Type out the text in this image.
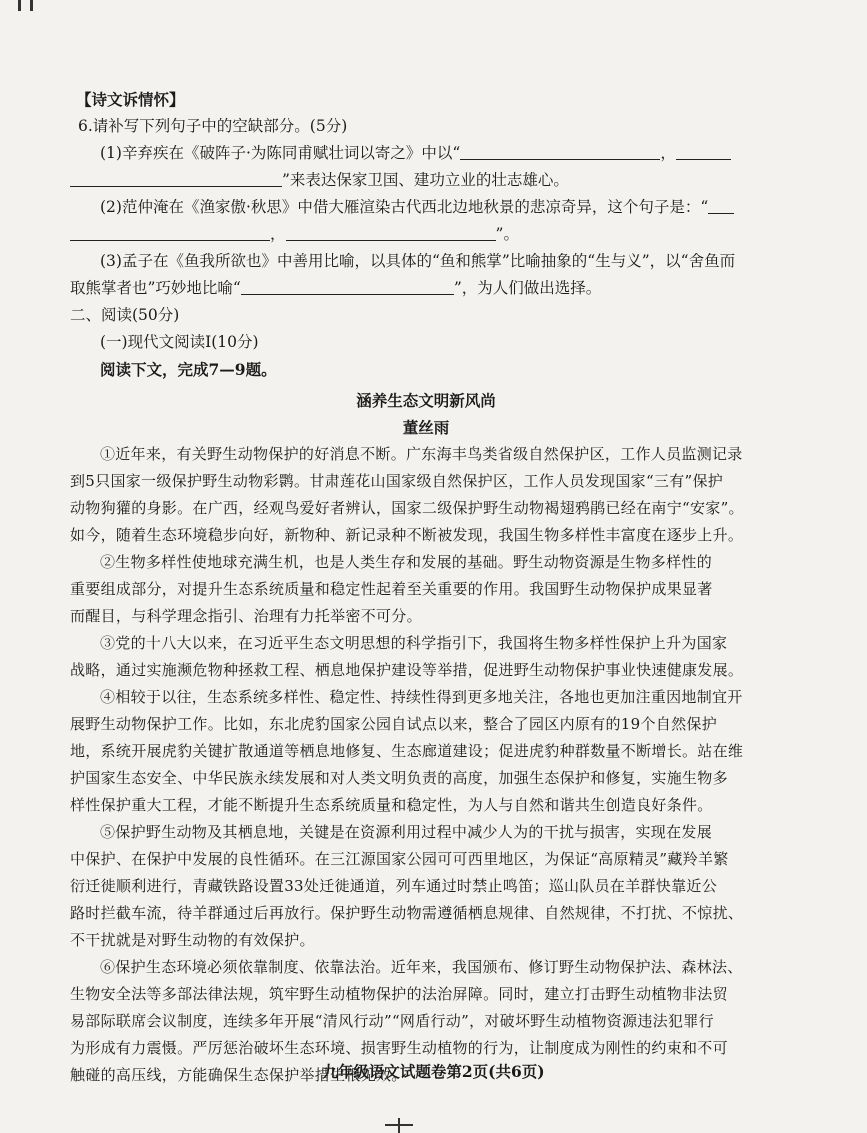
【诗文诉情怀】
6.请补写下列句子中的空缺部分。(5分)
(1)辛弃疾在《破阵子·为陈同甫赋壮词以寄之》中以“	，
”来表达保家卫国、建功立业的壮志雄心。
(2)范仲淹在《渔家傲·秋思》中借大雁渲染古代西北边地秋景的悲凉奇异，这个句子是：“
，	”。
(3)孟子在《鱼我所欲也》中善用比喻，以具体的“鱼和熊掌”比喻抽象的“生与义”，以“舍鱼而
取熊掌者也”巧妙地比喻“	”，为人们做出选择。
二、阅读(50分)
(一)现代文阅读Ⅰ(10分)
阅读下文，完成7—9题。
涵养生态文明新风尚
董丝雨
①近年来，有关野生动物保护的好消息不断。广东海丰鸟类省级自然保护区，工作人员监测记录
到5只国家一级保护野生动物彩鹮。甘肃莲花山国家级自然保护区，工作人员发现国家“三有”保护
动物狗獾的身影。在广西，经观鸟爱好者辨认，国家二级保护野生动物褐翅鸦鹃已经在南宁“安家”。
如今，随着生态环境稳步向好，新物种、新记录种不断被发现，我国生物多样性丰富度在逐步上升。
②生物多样性使地球充满生机，也是人类生存和发展的基础。野生动物资源是生物多样性的
重要组成部分，对提升生态系统质量和稳定性起着至关重要的作用。我国野生动物保护成果显著
而醒目，与科学理念指引、治理有力托举密不可分。
③党的十八大以来，在习近平生态文明思想的科学指引下，我国将生物多样性保护上升为国家
战略，通过实施濒危物种拯救工程、栖息地保护建设等举措，促进野生动物保护事业快速健康发展。
④相较于以往，生态系统多样性、稳定性、持续性得到更多地关注，各地也更加注重因地制宜开
展野生动物保护工作。比如，东北虎豹国家公园自试点以来，整合了园区内原有的19个自然保护
地，系统开展虎豹关键扩散通道等栖息地修复、生态廊道建设；促进虎豹种群数量不断增长。站在维
护国家生态安全、中华民族永续发展和对人类文明负责的高度，加强生态保护和修复，实施生物多
样性保护重大工程，才能不断提升生态系统质量和稳定性，为人与自然和谐共生创造良好条件。
⑤保护野生动物及其栖息地，关键是在资源利用过程中减少人为的干扰与损害，实现在发展
中保护、在保护中发展的良性循环。在三江源国家公园可可西里地区，为保证“高原精灵”藏羚羊繁
衍迁徙顺利进行，青藏铁路设置33处迁徙通道，列车通过时禁止鸣笛；巡山队员在羊群快靠近公
路时拦截车流，待羊群通过后再放行。保护野生动物需遵循栖息规律、自然规律，不打扰、不惊扰、
不干扰就是对野生动物的有效保护。
⑥保护生态环境必须依靠制度、依靠法治。近年来，我国颁布、修订野生动物保护法、森林法、
生物安全法等多部法律法规，筑牢野生动植物保护的法治屏障。同时，建立打击野生动植物非法贸
易部际联席会议制度，连续多年开展“清风行动”“网盾行动”，对破坏野生动植物资源违法犯罪行
为形成有力震慑。严厉惩治破坏生态环境、损害野生动植物的行为，让制度成为刚性的约束和不可
触碰的高压线，方能确保生态保护举措生根见效。
九年级语文试题卷第2页(共6页)
